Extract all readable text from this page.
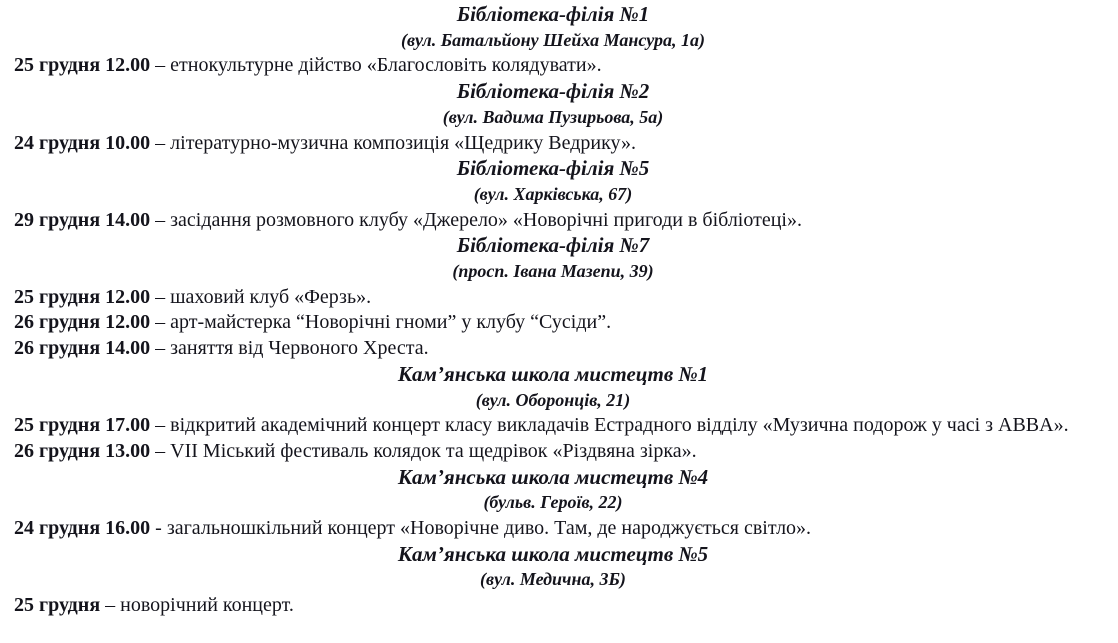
Бібліотека-філія №1

(вул. Батальйону Шейха Мансура, 1а)

25 грудня 12.00 – етнокультурне дійство «Благословіть колядувати».

Бібліотека-філія №2

(вул. Вадима Пузирьова, 5а)

24 грудня 10.00 – літературно-музична композиція «Щедрику Ведрику».

Бібліотека-філія №5

(вул. Харківська, 67)

29 грудня 14.00 – засідання розмовного клубу «Джерело» «Новорічні пригоди в бібліотеці».

Бібліотека-філія №7

(просп. Івана Мазепи, 39)

25 грудня 12.00 – шаховий клуб «Ферзь».

26 грудня 12.00 – арт-майстерка “Новорічні гноми” у клубу “Сусіди”.

26 грудня 14.00 – заняття від Червоного Хреста.

Кам’янська школа мистецтв №1

(вул. Оборонців, 21)

25 грудня 17.00 – відкритий академічний концерт класу викладачів Естрадного відділу «Музична подорож у часі з ABBA».

26 грудня 13.00 – VII Міський фестиваль колядок та щедрівок «Різдвяна зірка».

Кам’янська школа мистецтв №4

(бульв. Героїв, 22)

24 грудня 16.00 - загальношкільний концерт «Новорічне диво. Там, де народжується світло».

Кам’янська школа мистецтв №5

(вул. Медична, 3Б)

25 грудня – новорічний концерт.
